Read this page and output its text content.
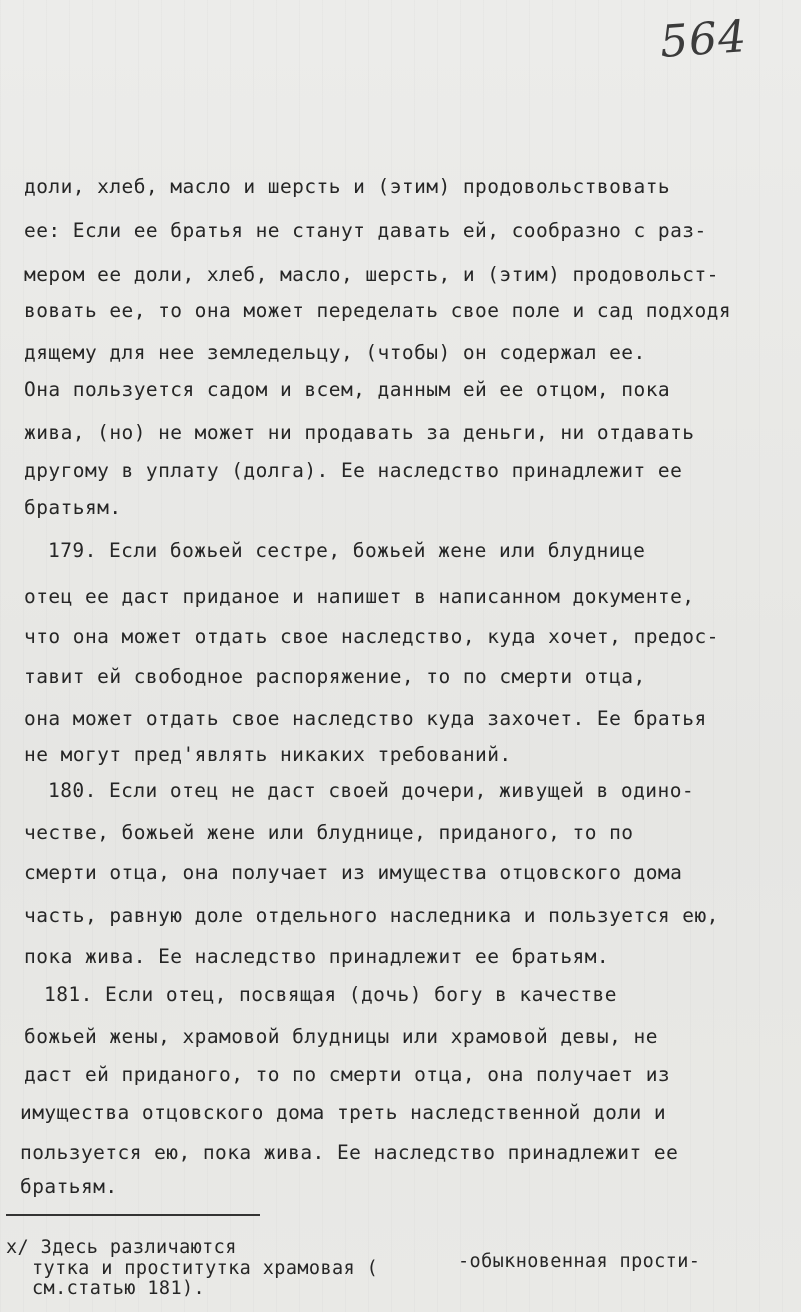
564
доли, хлеб, масло и шерсть и (этим) продовольствовать
ее: Если ее братья не станут давать ей, сообразно с раз-
мером ее доли, хлеб, масло, шерсть, и (этим) продовольст-
вовать ее, то она может переделать свое поле и сад подходя
дящему для нее земледельцу, (чтобы) он содержал ее.
Она пользуется садом и всем, данным ей ее отцом, пока
жива, (но) не может ни продавать за деньги, ни отдавать
другому в уплату (долга). Ее наследство принадлежит ее
братьям.
179. Если божьей сестре, божьей жене или блуднице
отец ее даст приданое и напишет в написанном документе,
что она может отдать свое наследство, куда хочет, предос-
тавит ей свободное распоряжение, то по смерти отца,
она может отдать свое наследство куда захочет. Ее братья
не могут пред'являть никаких требований.
180. Если отец не даст своей дочери, живущей в одино-
честве, божьей жене или блуднице, приданого, то по
смерти отца, она получает из имущества отцовского дома
часть, равную доле отдельного наследника и пользуется ею,
пока жива. Ее наследство принадлежит ее братьям.
181. Если отец, посвящая (дочь) богу в качестве
божьей жены, храмовой блудницы или храмовой девы, не
даст ей приданого, то по смерти отца, она получает из
имущества отцовского дома треть наследственной доли и
пользуется ею, пока жива. Ее наследство принадлежит ее
братьям.
х/ Здесь различаются
-обыкновенная прости-
тутка и проститутка храмовая (
см.статью 181).
